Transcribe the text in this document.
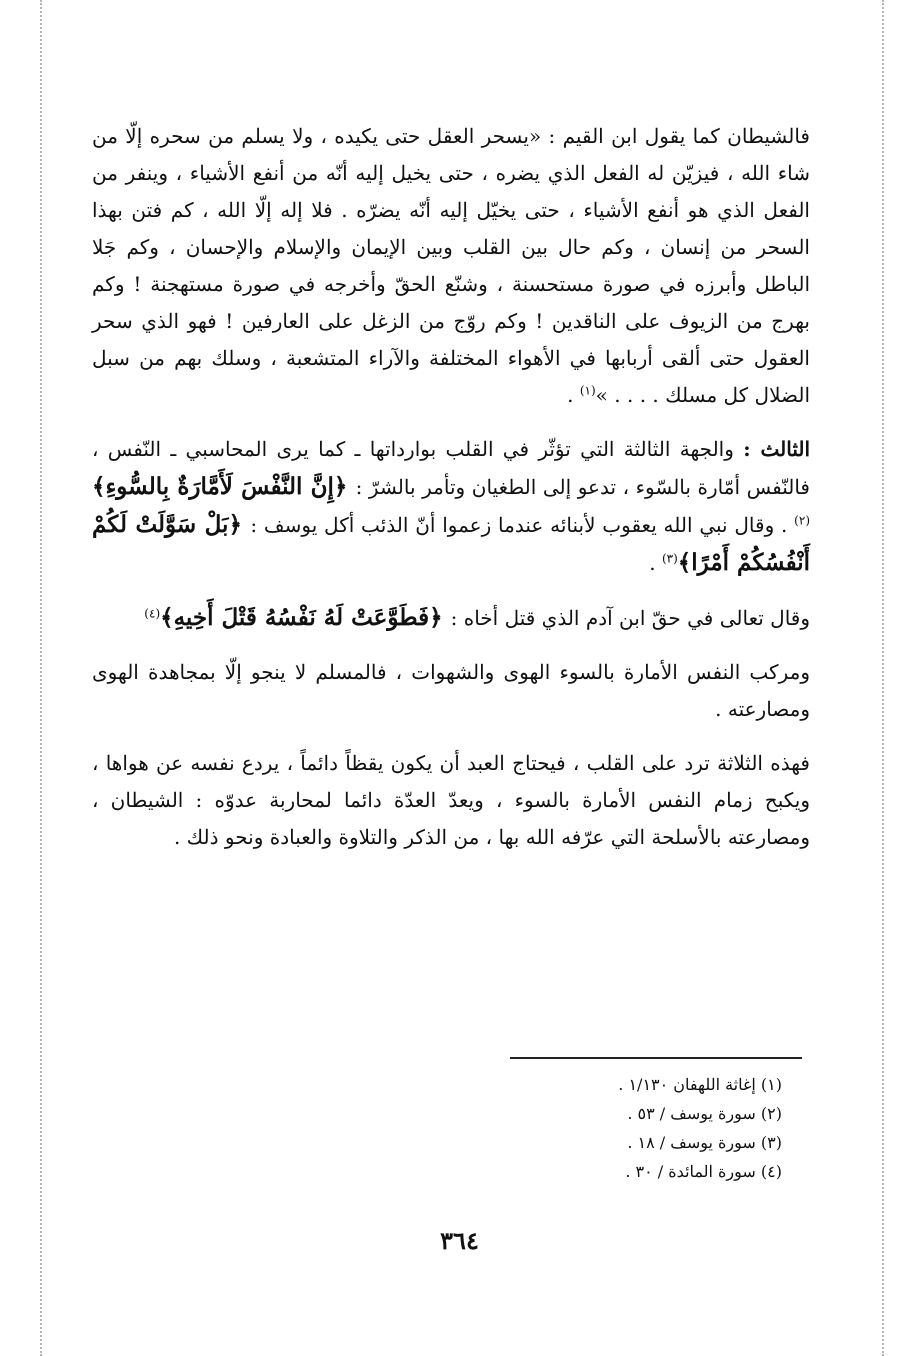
فالشيطان كما يقول ابن القيم : «يسحر العقل حتى يكيده ، ولا يسلم من سحره إلّا من شاء الله ، فيزيّن له الفعل الذي يضره ، حتى يخيل إليه أنّه من أنفع الأشياء ، وينفر من الفعل الذي هو أنفع الأشياء ، حتى يخيّل إليه أنّه يضرّه . فلا إله إلّا الله ، كم فتن بهذا السحر من إنسان ، وكم حال بين القلب وبين الإيمان والإسلام والإحسان ، وكم جَلا الباطل وأبرزه في صورة مستحسنة ، وشنّع الحقّ وأخرجه في صورة مستهجنة ! وكم بهرج من الزيوف على الناقدين ! وكم روّج من الزغل على العارفين ! فهو الذي سحر العقول حتى ألقى أربابها في الأهواء المختلفة والآراء المتشعبة ، وسلك بهم من سبل الضلال كل مسلك . . . . »$^{(١)}$ .

الثالث : والجهة الثالثة التي تؤثّر في القلب بوارداتها ـ كما يرى المحاسبي ـ النّفس ، فالنّفس أمّارة بالسّوء ، تدعو إلى الطغيان وتأمر بالشرّ : ﴿إِنَّ النَّفْسَ لَأَمَّارَةٌ بِالسُّوءِ﴾$^{(٢)}$ . وقال نبي الله يعقوب لأبنائه عندما زعموا أنّ الذئب أكل يوسف : ﴿بَلْ سَوَّلَتْ لَكُمْ أَنْفُسُكُمْ أَمْرًا﴾$^{(٣)}$ .

وقال تعالى في حقّ ابن آدم الذي قتل أخاه : ﴿فَطَوَّعَتْ لَهُ نَفْسُهُ قَتْلَ أَخِيهِ﴾$^{(٤)}$

ومركب النفس الأمارة بالسوء الهوى والشهوات ، فالمسلم لا ينجو إلّا بمجاهدة الهوى ومصارعته .

فهذه الثلاثة ترد على القلب ، فيحتاج العبد أن يكون يقظاً دائماً ، يردع نفسه عن هواها ، ويكبح زمام النفس الأمارة بالسوء ، ويعدّ العدّة دائما لمحاربة عدوّه : الشيطان ، ومصارعته بالأسلحة التي عرّفه الله بها ، من الذكر والتلاوة والعبادة ونحو ذلك .

(١) إغاثة اللهفان ١/١٣٠ .

(٢) سورة يوسف / ٥٣ .

(٣) سورة يوسف / ١٨ .

(٤) سورة المائدة / ٣٠ .

٣٦٤
